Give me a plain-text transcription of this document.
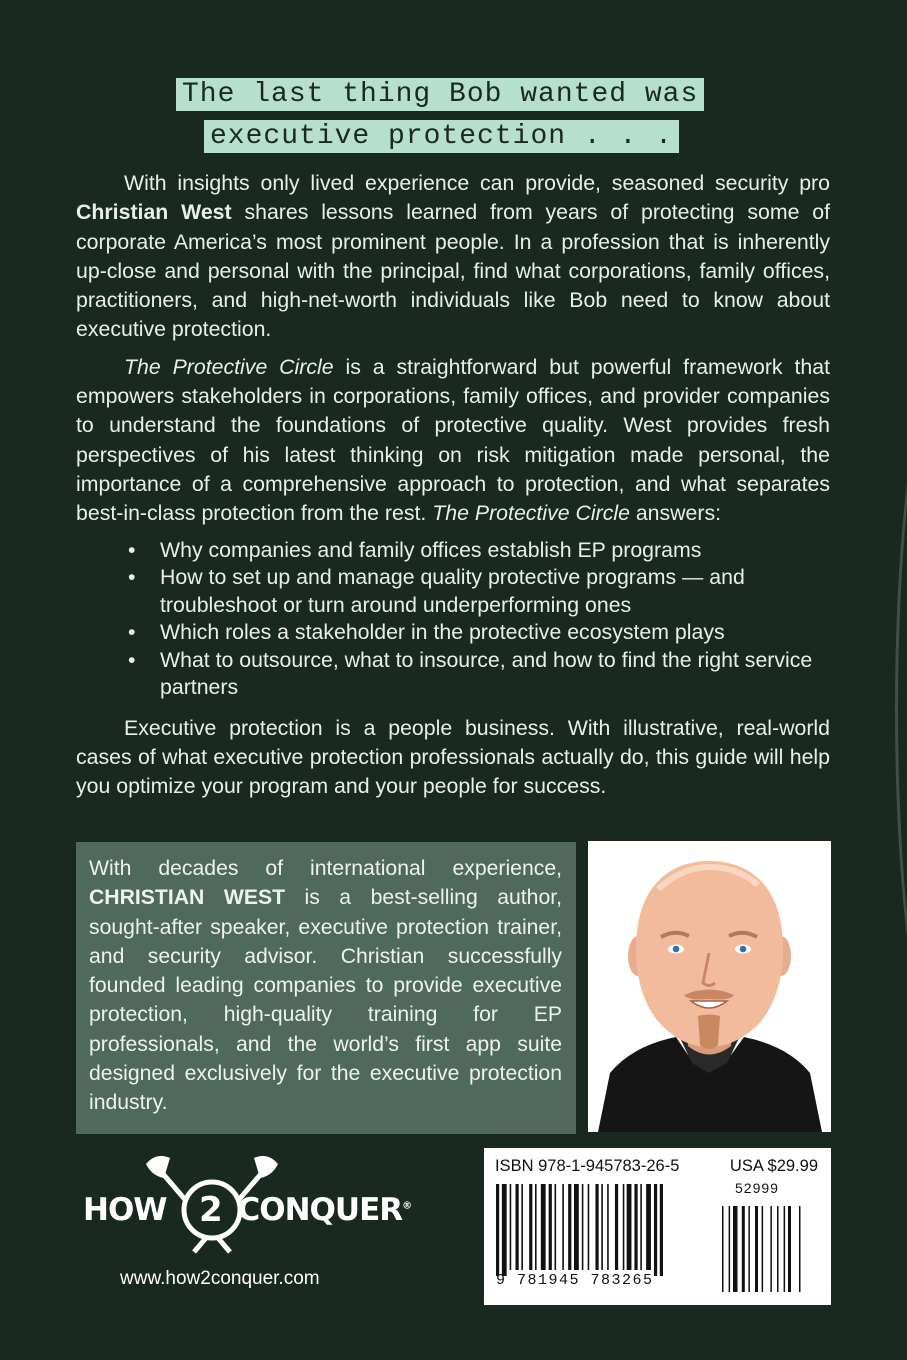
The last thing Bob wanted was
executive protection . . .

With insights only lived experience can provide, seasoned security pro Christian West shares lessons learned from years of protecting some of corporate America’s most prominent people. In a profession that is inherently up-close and personal with the principal, find what corporations, family offices, practitioners, and high-net-worth individuals like Bob need to know about executive protection.

The Protective Circle is a straightforward but powerful framework that empowers stakeholders in corporations, family offices, and provider companies to understand the foundations of protective quality. West provides fresh perspectives of his latest thinking on risk mitigation made personal, the importance of a comprehensive approach to protection, and what separates best-in-class protection from the rest. The Protective Circle answers:

• Why companies and family offices establish EP programs
• How to set up and manage quality protective programs — and troubleshoot or turn around underperforming ones
• Which roles a stakeholder in the protective ecosystem plays
• What to outsource, what to insource, and how to find the right service partners

Executive protection is a people business. With illustrative, real-world cases of what executive protection professionals actually do, this guide will help you optimize your program and your people for success.

With decades of international experience, CHRISTIAN WEST is a best-selling author, sought-after speaker, executive protection trainer, and security advisor. Christian successfully founded leading companies to provide executive protection, high-quality training for EP professionals, and the world’s first app suite designed exclusively for the executive protection industry.
HOW CONQUER®
2
www.how2conquer.com
ISBN 978-1-945783-26-5	USA $29.99
52999
9 781945 783265
